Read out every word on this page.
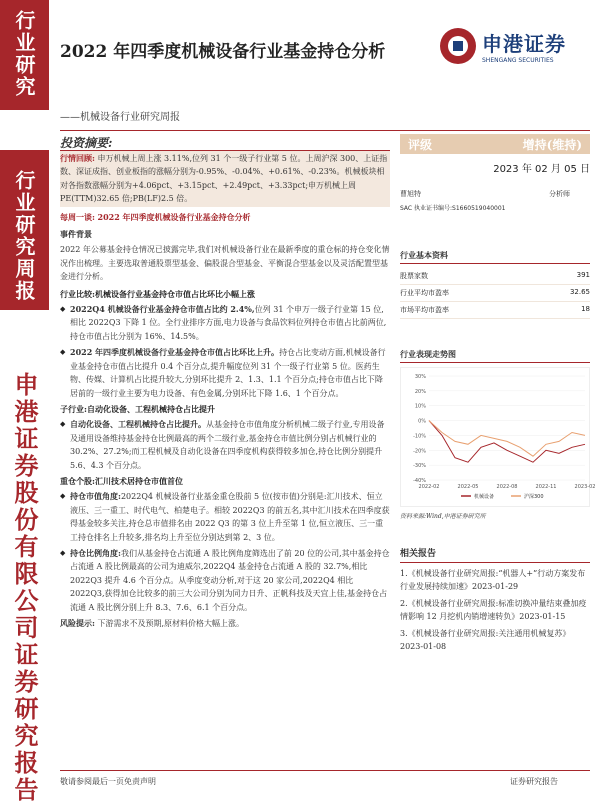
行业研究
行业研究周报
申港证券股份有限公司证券研究报告
2022 年四季度机械设备行业基金持仓分析
——机械设备行业研究周报
申港证券
SHENGANG SECURITIES
投资摘要:
行情回顾: 申万机械上周上涨 3.11%,位列 31 个一级子行业第 5 位。上周沪深 300、上证指数、深证成指、创业板指的涨幅分别为-0.95%、-0.04%、+0.61%、-0.23%。机械板块相对各指数涨幅分别为+4.06pct、+3.15pct、+2.49pct、+3.33pct;申万机械上周 PE(TTM)32.65 倍;PB(LF)2.5 倍。
每周一谈: 2022 年四季度机械设备行业基金持仓分析
事件背景
2022 年公募基金持仓情况已披露完毕,我们对机械设备行业在最新季度的重仓标的持仓变化情况作出梳理。主要选取普通股票型基金、偏股混合型基金、平衡混合型基金以及灵活配置型基金进行分析。
行业比较:机械设备行业基金持仓市值占比环比小幅上涨
◆ 2022Q4 机械设备行业基金持仓市值占比约 2.4%,位列 31 个申万一级子行业第 15 位,相比 2022Q3 下降 1 位。全行业排序方面,电力设备与食品饮料位列持仓市值占比前两位,持仓市值占比分别为 16%、14.5%。
◆ 2022 年四季度机械设备行业基金持仓市值占比环比上升。持仓占比变动方面,机械设备行业基金持仓市值占比提升 0.4 个百分点,提升幅度位列 31 个一级子行业第 5 位。医药生物、传媒、计算机占比提升较大,分别环比提升 2、1.3、1.1 个百分点;持仓市值占比下降居前的一级行业主要为电力设备、有色金属,分别环比下降 1.6、1 个百分点。
子行业:自动化设备、工程机械持仓占比提升
◆ 自动化设备、工程机械持仓占比提升。从基金持仓市值角度分析机械二级子行业,专用设备及通用设备维持基金持仓比例最高的两个二级行业,基金持仓市值比例分别占机械行业的 30.2%、27.2%;而工程机械及自动化设备在四季度机构获得较多加仓,持仓比例分别提升 5.6、4.3 个百分点。
重仓个股:汇川技术居持仓市值首位
◆ 持仓市值角度:2022Q4 机械设备行业基金重仓股前 5 位(按市值)分别是:汇川技术、恒立液压、三一重工、时代电气、柏楚电子。相较 2022Q3 的前五名,其中汇川技术在四季度获得基金较多关注,持仓总市值排名由 2022 Q3 的第 3 位上升至第 1 位,恒立液压、三一重工持仓排名上升较多,排名均上升至位分别达到第 2、3 位。
◆ 持仓比例角度:我们从基金持仓占流通 A 股比例角度筛选出了前 20 位的公司,其中基金持仓占流通 A 股比例最高的公司为迪威尔,2022Q4 基金持仓占流通 A 股的 32.7%,相比 2022Q3 提升 4.6 个百分点。从季度变动分析,对于这 20 家公司,2022Q4 相比 2022Q3,获得加仓比较多的前三大公司分别为同力日升、正帆科技及天宜上佳,基金持仓占流通 A 股比例分别上升 8.3、7.6、6.1 个百分点。
风险提示: 下游需求不及预期,原材料价格大幅上涨。
评级	增持(维持)
2023 年 02 月 05 日
曹旭特	分析师
SAC 执业证书编号:S1660519040001
行业基本资料
股票家数	391
行业平均市盈率	32.65
市场平均市盈率	18
行业表现走势图
30%
20%
10%
0%
-10%
-20%
-30%
-40%
2022-02	2022-05	2022-08	2022-11	2023-02
机械设备	沪深300
资料来源:Wind,申港证券研究所
相关报告
1.《机械设备行业研究周报:“机器人+”行动方案发布 行业发展持续加速》2023-01-29
2.《机械设备行业研究周报:标准切换冲量结束叠加疫情影响 12 月挖机内销增速转负》2023-01-15
3.《机械设备行业研究周报:关注通用机械复苏》2023-01-08
敬请参阅最后一页免责声明	证券研究报告
